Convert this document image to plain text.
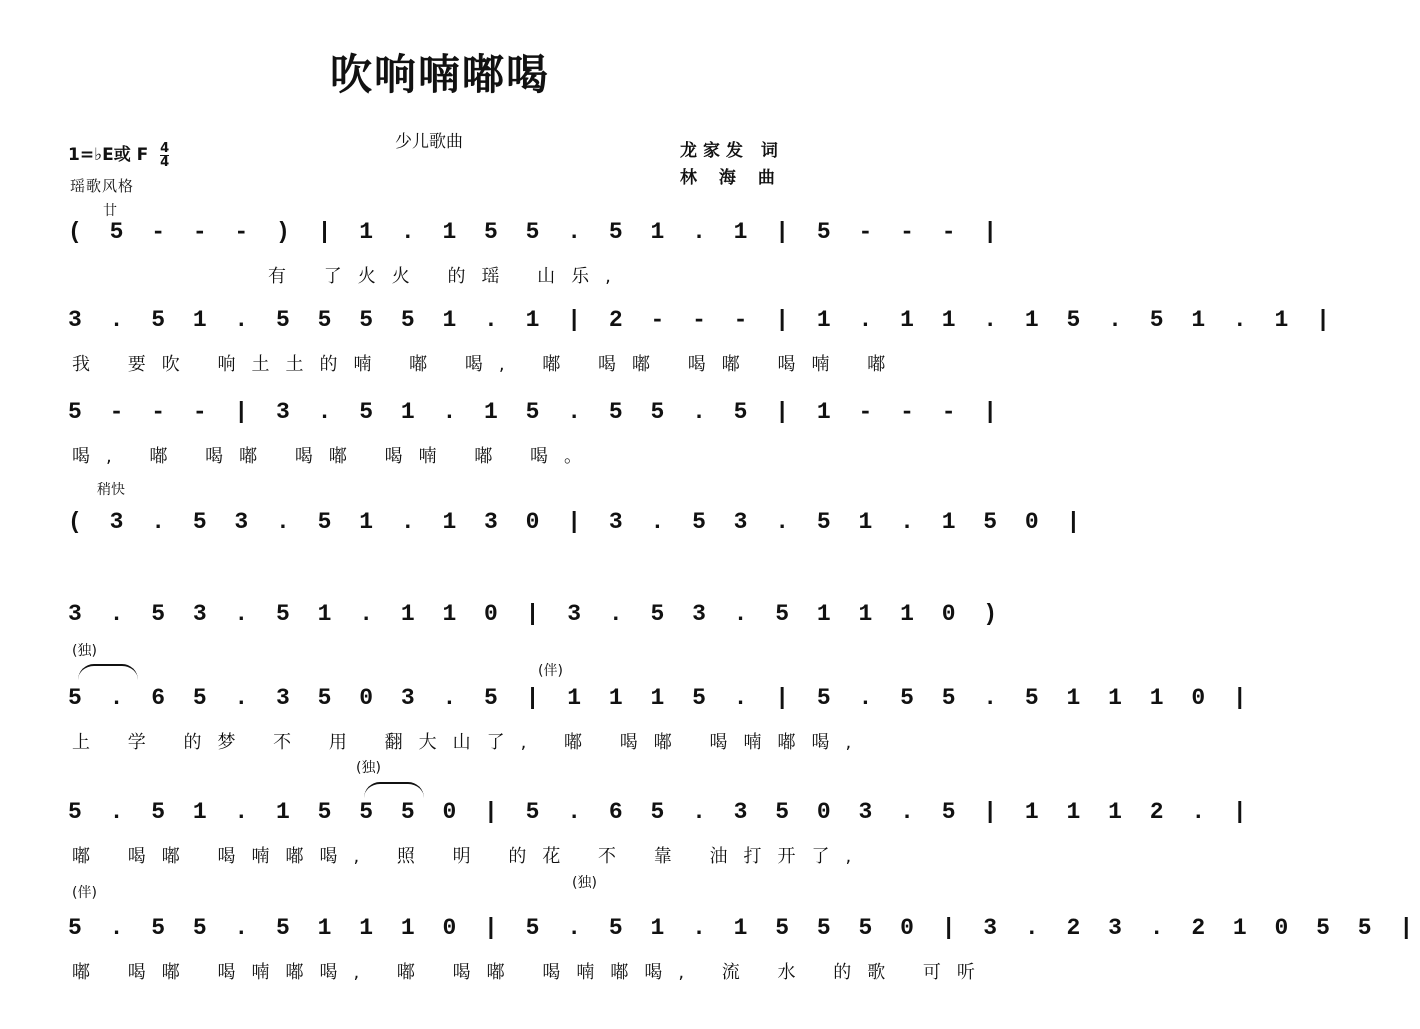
吹响喃嘟喝
1=♭E或 F $\frac{4}{4}$	少儿歌曲	龙家发 词
林 海 曲
瑶歌风格
稍快
廿
( 5 - - - ) | 1 . 1 5 5 . 5 1 . 1 | 5 - - - |
有 了火火 的瑶 山乐,
3 . 5 1 . 5 5 5 5 1 . 1 | 2 - - - | 1 . 1 1 . 1 5 . 5 1 . 1 |
我 要吹 响土土的喃 嘟 喝, 嘟 喝嘟 喝嘟 喝喃 嘟
5 - - - | 3 . 5 1 . 1 5 . 5 5 . 5 | 1 - - - |
喝, 嘟 喝嘟 喝嘟 喝喃 嘟 喝。
( 3 . 5 3 . 5 1 . 1 3 0 | 3 . 5 3 . 5 1 . 1 5 0 |
3 . 5 3 . 5 1 . 1 1 0 | 3 . 5 3 . 5 1 1 1 0 )
(独)
(伴)
5 . 6 5 . 3 5 0 3 . 5 | 1 1 1 5 . | 5 . 5 5 . 5 1 1 1 0 |
上 学 的梦 不 用 翻大山了, 嘟 喝嘟 喝喃嘟喝,
(独)
5 . 5 1 . 1 5 5 5 0 | 5 . 6 5 . 3 5 0 3 . 5 | 1 1 1 2 . |
嘟 喝嘟 喝喃嘟喝, 照 明 的花 不 靠 油打开了,
(伴)
(独)
5 . 5 5 . 5 1 1 1 0 | 5 . 5 1 . 1 5 5 5 0 | 3 . 2 3 . 2 1 0 5 5 |
嘟 喝嘟 喝喃嘟喝, 嘟 喝嘟 喝喃嘟喝, 流 水 的歌 可听
